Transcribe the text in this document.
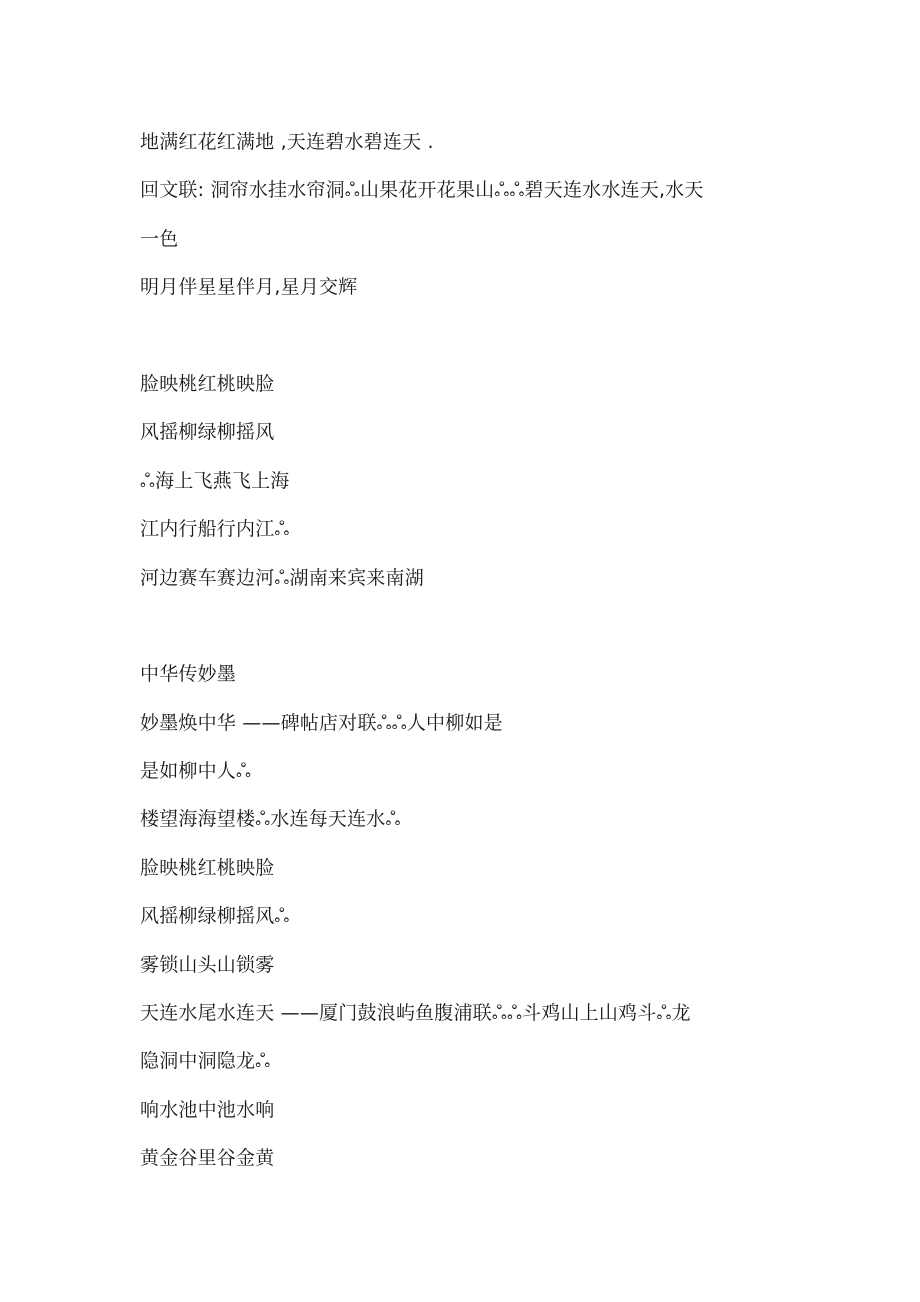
地满红花红满地 ,天连碧水碧连天 .
回文联: 洞帘水挂水帘洞ஃ山果花开花果山ஃஃ碧天连水水连天,水天
一色
明月伴星星伴月,星月交辉
脸映桃红桃映脸
风摇柳绿柳摇风
ஃ海上飞燕飞上海
江内行船行内江ஃ
河边赛车赛边河ஃ湖南来宾来南湖
中华传妙墨
妙墨焕中华 ——碑帖店对联ஃஃ人中柳如是
是如柳中人ஃ
楼望海海望楼ஃ水连每天连水ஃ
脸映桃红桃映脸
风摇柳绿柳摇风ஃ
雾锁山头山锁雾
天连水尾水连天 ——厦门鼓浪屿鱼腹浦联ஃஃ斗鸡山上山鸡斗ஃ龙
隐洞中洞隐龙ஃ
响水池中池水响
黄金谷里谷金黄
